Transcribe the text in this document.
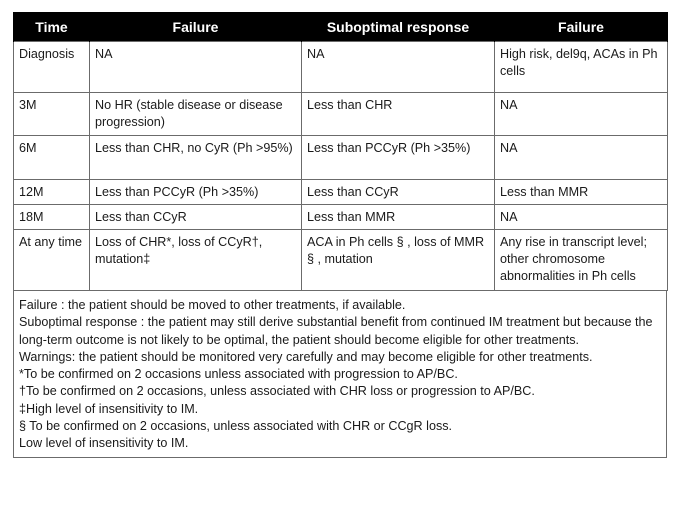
Time	Failure	Suboptimal response	Failure
Diagnosis	NA	NA	High risk, del9q, ACAs in Ph cells
3M	No HR (stable disease or disease progression)	Less than CHR	NA
6M	Less than CHR, no CyR (Ph >95%)	Less than PCCyR (Ph >35%)	NA
12M	Less than PCCyR (Ph >35%)	Less than CCyR	Less than MMR
18M	Less than CCyR	Less than MMR	NA
At any time	Loss of CHR*, loss of CCyR†, mutation‡	ACA in Ph cells § , loss of MMR § , mutation	Any rise in transcript level; other chromosome abnormalities in Ph cells
Failure : the patient should be moved to other treatments, if available.
Suboptimal response : the patient may still derive substantial benefit from continued IM treatment but because the long-term outcome is not likely to be optimal, the patient should become eligible for other treatments.
Warnings: the patient should be monitored very carefully and may become eligible for other treatments.
*To be confirmed on 2 occasions unless associated with progression to AP/BC.
†To be confirmed on 2 occasions, unless associated with CHR loss or progression to AP/BC.
‡High level of insensitivity to IM.
§ To be confirmed on 2 occasions, unless associated with CHR or CCgR loss.
Low level of insensitivity to IM.
